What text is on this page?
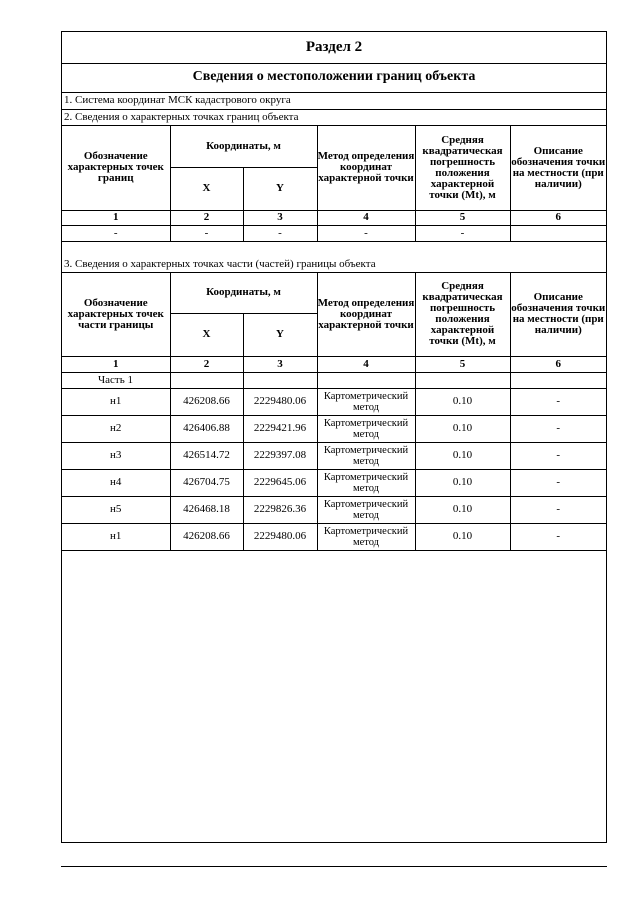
Раздел 2
Сведения о местоположении границ объекта
1. Система координат МСК кадастрового округа
2. Сведения о характерных точках границ объекта
Обозначение характерных точек границ	Координаты, м		Метод определения координат характерной точки	Средняя квадратическая погрешность положения характерной точки (Mt), м	Описание обозначения точки на местности (при наличии)
	X	Y			
1	2	3	4	5	6
-	-	-	-	-	
3. Сведения о характерных точках части (частей) границы объекта
Обозначение характерных точек части границы	Координаты, м		Метод определения координат характерной точки	Средняя квадратическая погрешность положения характерной точки (Mt), м	Описание обозначения точки на местности (при наличии)
	X	Y			
1	2	3	4	5	6
Часть 1					
н1	426208.66	2229480.06	Картометрический метод	0.10	-
н2	426406.88	2229421.96	Картометрический метод	0.10	-
н3	426514.72	2229397.08	Картометрический метод	0.10	-
н4	426704.75	2229645.06	Картометрический метод	0.10	-
н5	426468.18	2229826.36	Картометрический метод	0.10	-
н1	426208.66	2229480.06	Картометрический метод	0.10	-
